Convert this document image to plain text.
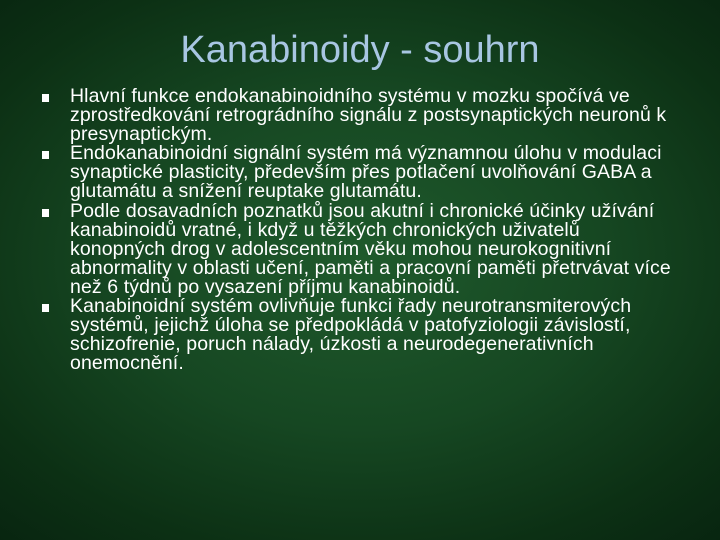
Kanabinoidy - souhrn
Hlavní funkce endokanabinoidního systému v mozku spočívá ve zprostředkování retrográdního signálu z postsynaptických neuronů k presynaptickým.
Endokanabinoidní signální systém má významnou úlohu v modulaci synaptické plasticity, především přes potlačení uvolňování GABA a glutamátu a snížení reuptake glutamátu.
Podle dosavadních poznatků jsou akutní i chronické účinky užívání kanabinoidů vratné, i když u těžkých chronických uživatelů konopných drog v adolescentním věku mohou neurokognitivní abnormality v oblasti učení, paměti a pracovní paměti přetrvávat více než 6 týdnů po vysazení příjmu kanabinoidů.
Kanabinoidní systém ovlivňuje funkci řady neurotransmiterových systémů, jejichž úloha se předpokládá v patofyziologii závislostí, schizofrenie, poruch nálady, úzkosti a neurodegenerativních onemocnění.
